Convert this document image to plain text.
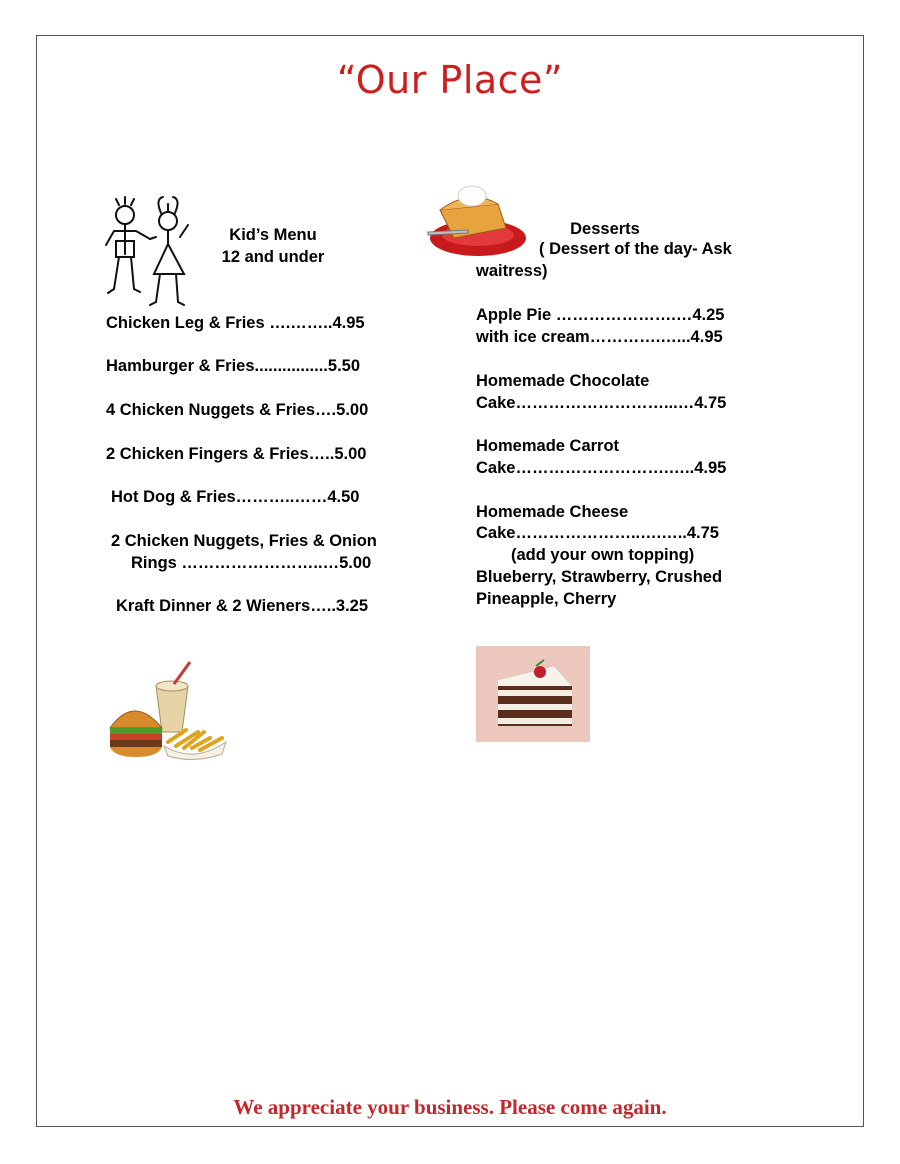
“Our Place”
Kid’s Menu
12 and under
Chicken Leg & Fries ….……..4.95
Hamburger & Fries................5.50
4 Chicken Nuggets & Fries….5.00
2 Chicken Fingers & Fries…..5.00
Hot Dog & Fries………..……4.50
2 Chicken Nuggets, Fries & Onion
Rings ……………………..…5.00
Kraft Dinner & 2 Wieners…..3.25
Desserts
( Dessert of the day- Ask
waitress)
Apple Pie ………………….…4.25
with ice cream………….…...4.95
Homemade Chocolate
Cake………………………...…4.75
Homemade Carrot
Cake……………………….…..4.95
Homemade Cheese
Cake…………………..….…..4.75
(add your own topping)
Blueberry, Strawberry, Crushed
Pineapple, Cherry
We appreciate your business. Please come again.
